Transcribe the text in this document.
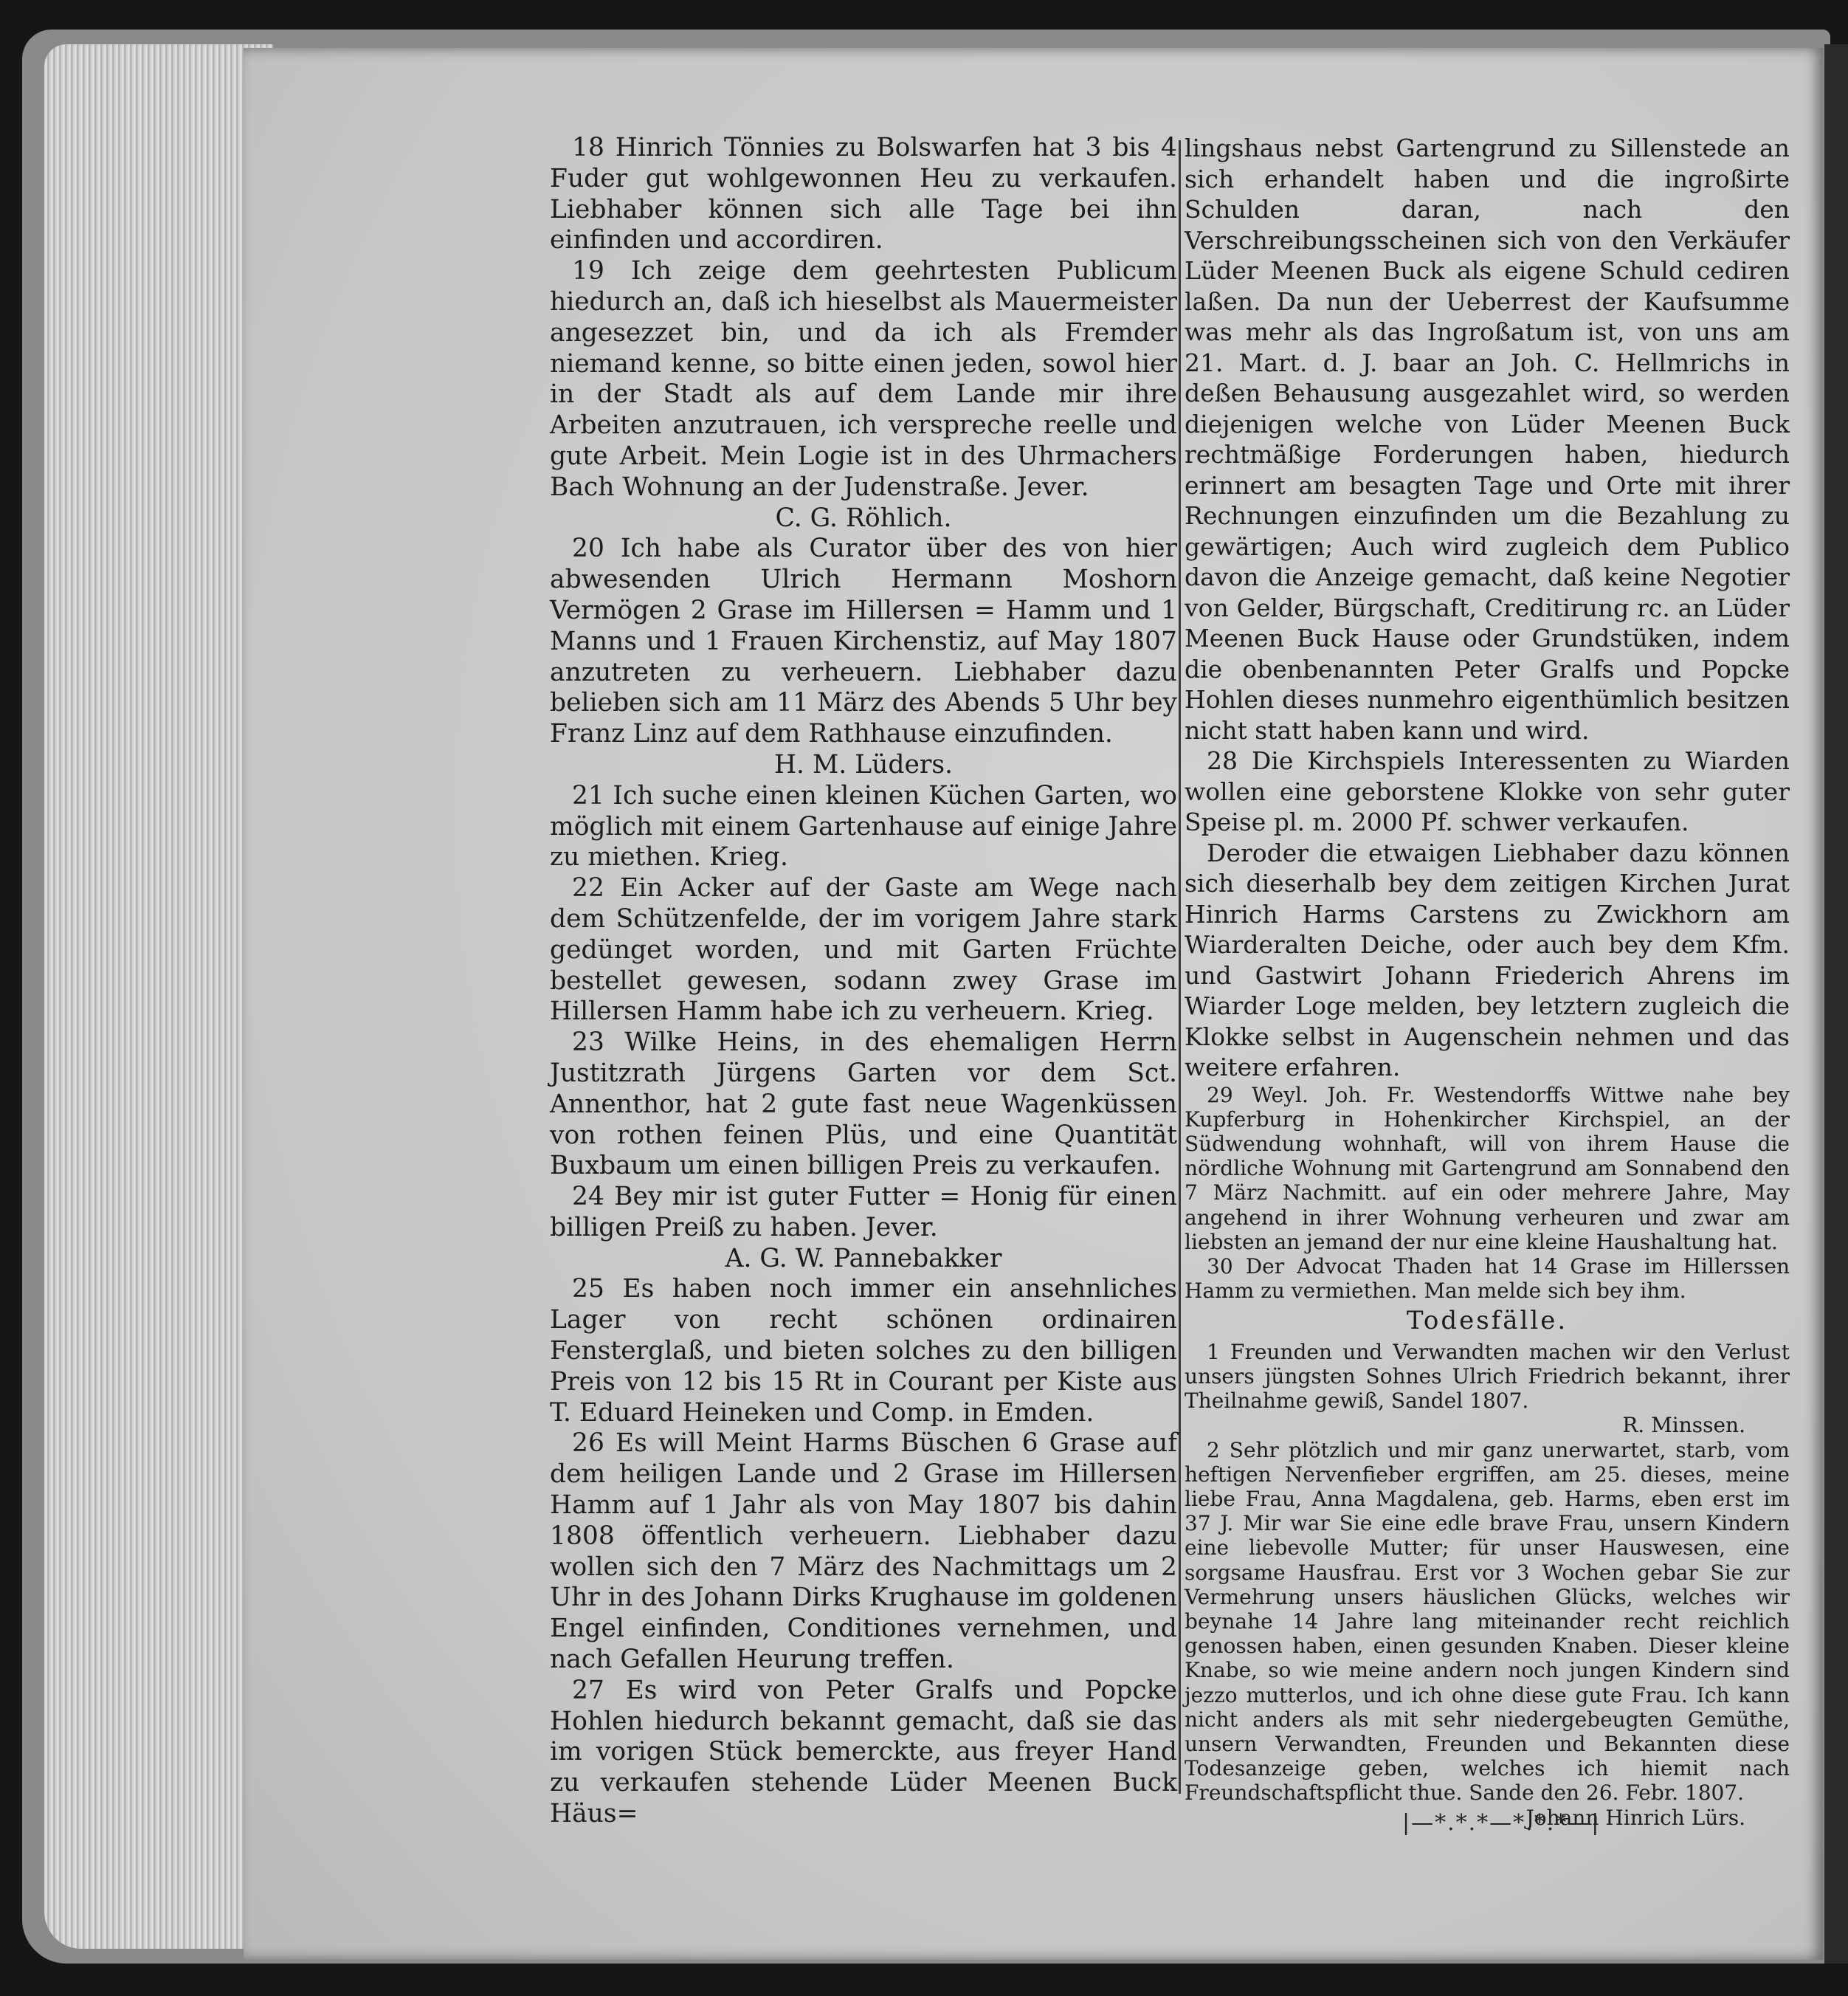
18 Hinrich Tönnies zu Bolswarfen hat 3 bis 4 Fuder gut wohlgewonnen Heu zu verkaufen. Liebhaber können sich alle Tage bei ihn einfinden und accordiren.

19 Ich zeige dem geehrtesten Publicum hiedurch an, daß ich hieselbst als Mauermeister angesezzet bin, und da ich als Fremder niemand kenne, so bitte einen jeden, sowol hier in der Stadt als auf dem Lande mir ihre Arbeiten anzutrauen, ich verspreche reelle und gute Arbeit. Mein Logie ist in des Uhrmachers Bach Wohnung an der Judenstraße. Jever.

C. G. Röhlich.

20 Ich habe als Curator über des von hier abwesenden Ulrich Hermann Moshorn Vermögen 2 Grase im Hillersen = Hamm und 1 Manns und 1 Frauen Kirchenstiz, auf May 1807 anzutreten zu verheuern. Liebhaber dazu belieben sich am 11 März des Abends 5 Uhr bey Franz Linz auf dem Rathhause einzufinden.

H. M. Lüders.

21 Ich suche einen kleinen Küchen Garten, wo möglich mit einem Gartenhause auf einige Jahre zu miethen. Krieg.

22 Ein Acker auf der Gaste am Wege nach dem Schützenfelde, der im vorigem Jahre stark gedünget worden, und mit Garten Früchte bestellet gewesen, sodann zwey Grase im Hillersen Hamm habe ich zu verheuern. Krieg.

23 Wilke Heins, in des ehemaligen Herrn Justitzrath Jürgens Garten vor dem Sct. Annenthor, hat 2 gute fast neue Wagenküssen von rothen feinen Plüs, und eine Quantität Buxbaum um einen billigen Preis zu verkaufen.

24 Bey mir ist guter Futter = Honig für einen billigen Preiß zu haben. Jever.

A. G. W. Pannebakker

25 Es haben noch immer ein ansehnliches Lager von recht schönen ordinairen Fensterglaß, und bieten solches zu den billigen Preis von 12 bis 15 Rt in Courant per Kiste aus T. Eduard Heineken und Comp. in Emden.

26 Es will Meint Harms Büschen 6 Grase auf dem heiligen Lande und 2 Grase im Hillersen Hamm auf 1 Jahr als von May 1807 bis dahin 1808 öffentlich verheuern. Liebhaber dazu wollen sich den 7 März des Nachmittags um 2 Uhr in des Johann Dirks Krughause im goldenen Engel einfinden, Conditiones vernehmen, und nach Gefallen Heurung treffen.

27 Es wird von Peter Gralfs und Popcke Hohlen hiedurch bekannt gemacht, daß sie das im vorigen Stück bemerckte, aus freyer Hand zu verkaufen stehende Lüder Meenen Buck Häus=

lingshaus nebst Gartengrund zu Sillenstede an sich erhandelt haben und die ingroßirte Schulden daran, nach den Verschreibungsscheinen sich von den Verkäufer Lüder Meenen Buck als eigene Schuld cediren laßen. Da nun der Ueberrest der Kaufsumme was mehr als das Ingroßatum ist, von uns am 21. Mart. d. J. baar an Joh. C. Hellmrichs in deßen Behausung ausgezahlet wird, so werden diejenigen welche von Lüder Meenen Buck rechtmäßige Forderungen haben, hiedurch erinnert am besagten Tage und Orte mit ihrer Rechnungen einzufinden um die Bezahlung zu gewärtigen; Auch wird zugleich dem Publico davon die Anzeige gemacht, daß keine Negotier von Gelder, Bürgschaft, Creditirung rc. an Lüder Meenen Buck Hause oder Grundstüken, indem die obenbenannten Peter Gralfs und Popcke Hohlen dieses nunmehro eigenthümlich besitzen nicht statt haben kann und wird.

28 Die Kirchspiels Interessenten zu Wiarden wollen eine geborstene Klokke von sehr guter Speise pl. m. 2000 Pf. schwer verkaufen.

Deroder die etwaigen Liebhaber dazu können sich dieserhalb bey dem zeitigen Kirchen Jurat Hinrich Harms Carstens zu Zwickhorn am Wiarderalten Deiche, oder auch bey dem Kfm. und Gastwirt Johann Friederich Ahrens im Wiarder Loge melden, bey letztern zugleich die Klokke selbst in Augenschein nehmen und das weitere erfahren.

29 Weyl. Joh. Fr. Westendorffs Wittwe nahe bey Kupferburg in Hohenkircher Kirchspiel, an der Südwendung wohnhaft, will von ihrem Hause die nördliche Wohnung mit Gartengrund am Sonnabend den 7 März Nachmitt. auf ein oder mehrere Jahre, May angehend in ihrer Wohnung verheuren und zwar am liebsten an jemand der nur eine kleine Haushaltung hat.

30 Der Advocat Thaden hat 14 Grase im Hillerssen Hamm zu vermiethen. Man melde sich bey ihm.

Todesfälle.

1 Freunden und Verwandten machen wir den Verlust unsers jüngsten Sohnes Ulrich Friedrich bekannt, ihrer Theilnahme gewiß, Sandel 1807.

R. Minssen.

2 Sehr plötzlich und mir ganz unerwartet, starb, vom heftigen Nervenfieber ergriffen, am 25. dieses, meine liebe Frau, Anna Magdalena, geb. Harms, eben erst im 37 J. Mir war Sie eine edle brave Frau, unsern Kindern eine liebevolle Mutter; für unser Hauswesen, eine sorgsame Hausfrau. Erst vor 3 Wochen gebar Sie zur Vermehrung unsers häuslichen Glücks, welches wir beynahe 14 Jahre lang miteinander recht reichlich genossen haben, einen gesunden Knaben. Dieser kleine Knabe, so wie meine andern noch jungen Kindern sind jezzo mutterlos, und ich ohne diese gute Frau. Ich kann nicht anders als mit sehr niedergebeugten Gemüthe, unsern Verwandten, Freunden und Bekannten diese Todesanzeige geben, welches ich hiemit nach Freundschaftspflicht thue. Sande den 26. Febr. 1807.

Johann Hinrich Lürs.

|—*.*.*—*.*.*—|
